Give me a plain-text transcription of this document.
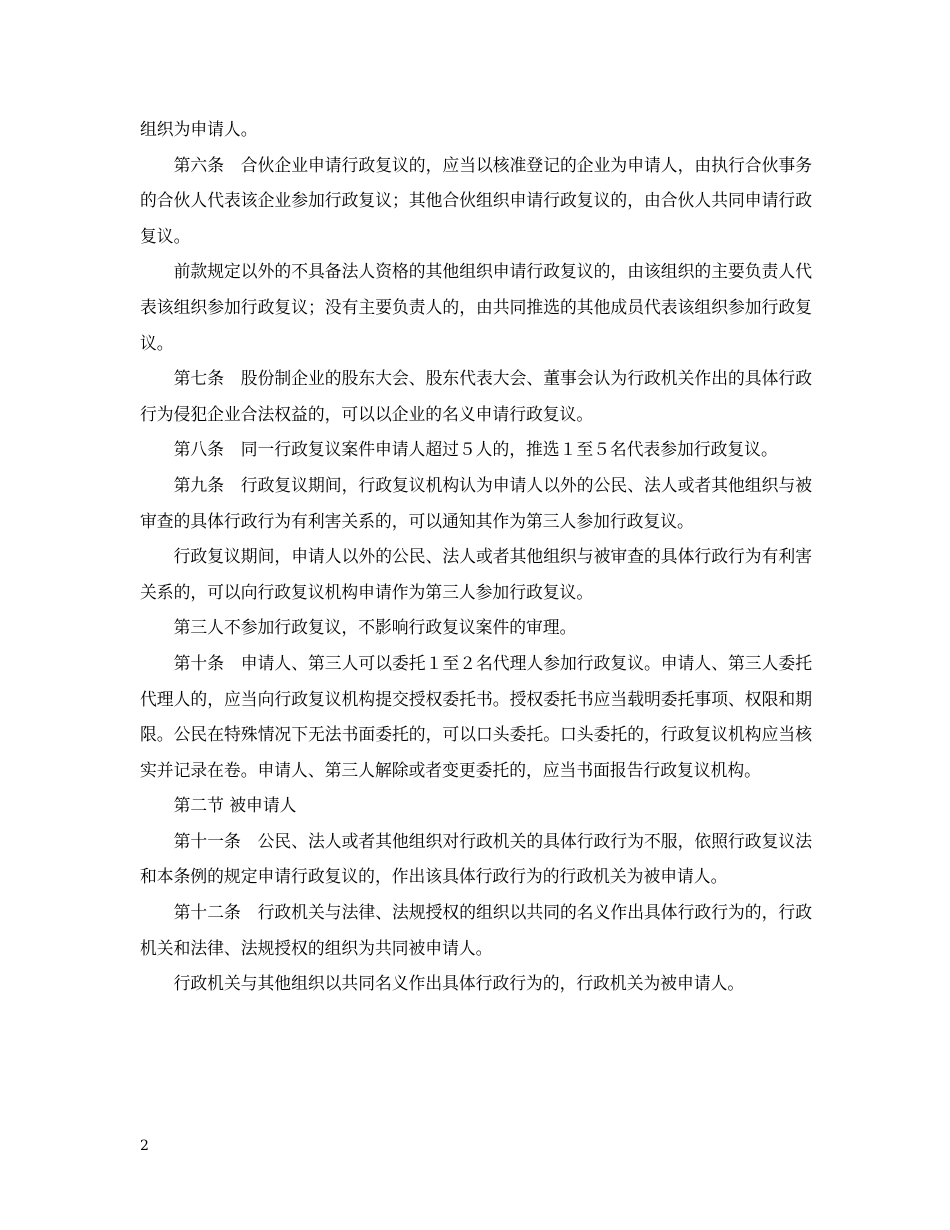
组织为申请人。

第六条　合伙企业申请行政复议的，应当以核准登记的企业为申请人，由执行合伙事务的合伙人代表该企业参加行政复议；其他合伙组织申请行政复议的，由合伙人共同申请行政复议。

前款规定以外的不具备法人资格的其他组织申请行政复议的，由该组织的主要负责人代表该组织参加行政复议；没有主要负责人的，由共同推选的其他成员代表该组织参加行政复议。

第七条　股份制企业的股东大会、股东代表大会、董事会认为行政机关作出的具体行政行为侵犯企业合法权益的，可以以企业的名义申请行政复议。

第八条　同一行政复议案件申请人超过５人的，推选１至５名代表参加行政复议。

第九条　行政复议期间，行政复议机构认为申请人以外的公民、法人或者其他组织与被审查的具体行政行为有利害关系的，可以通知其作为第三人参加行政复议。

行政复议期间，申请人以外的公民、法人或者其他组织与被审查的具体行政行为有利害关系的，可以向行政复议机构申请作为第三人参加行政复议。

第三人不参加行政复议，不影响行政复议案件的审理。

第十条　申请人、第三人可以委托１至２名代理人参加行政复议。申请人、第三人委托代理人的，应当向行政复议机构提交授权委托书。授权委托书应当载明委托事项、权限和期限。公民在特殊情况下无法书面委托的，可以口头委托。口头委托的，行政复议机构应当核实并记录在卷。申请人、第三人解除或者变更委托的，应当书面报告行政复议机构。

第二节 被申请人

第十一条　公民、法人或者其他组织对行政机关的具体行政行为不服，依照行政复议法和本条例的规定申请行政复议的，作出该具体行政行为的行政机关为被申请人。

第十二条　行政机关与法律、法规授权的组织以共同的名义作出具体行政行为的，行政机关和法律、法规授权的组织为共同被申请人。

行政机关与其他组织以共同名义作出具体行政行为的，行政机关为被申请人。

2
